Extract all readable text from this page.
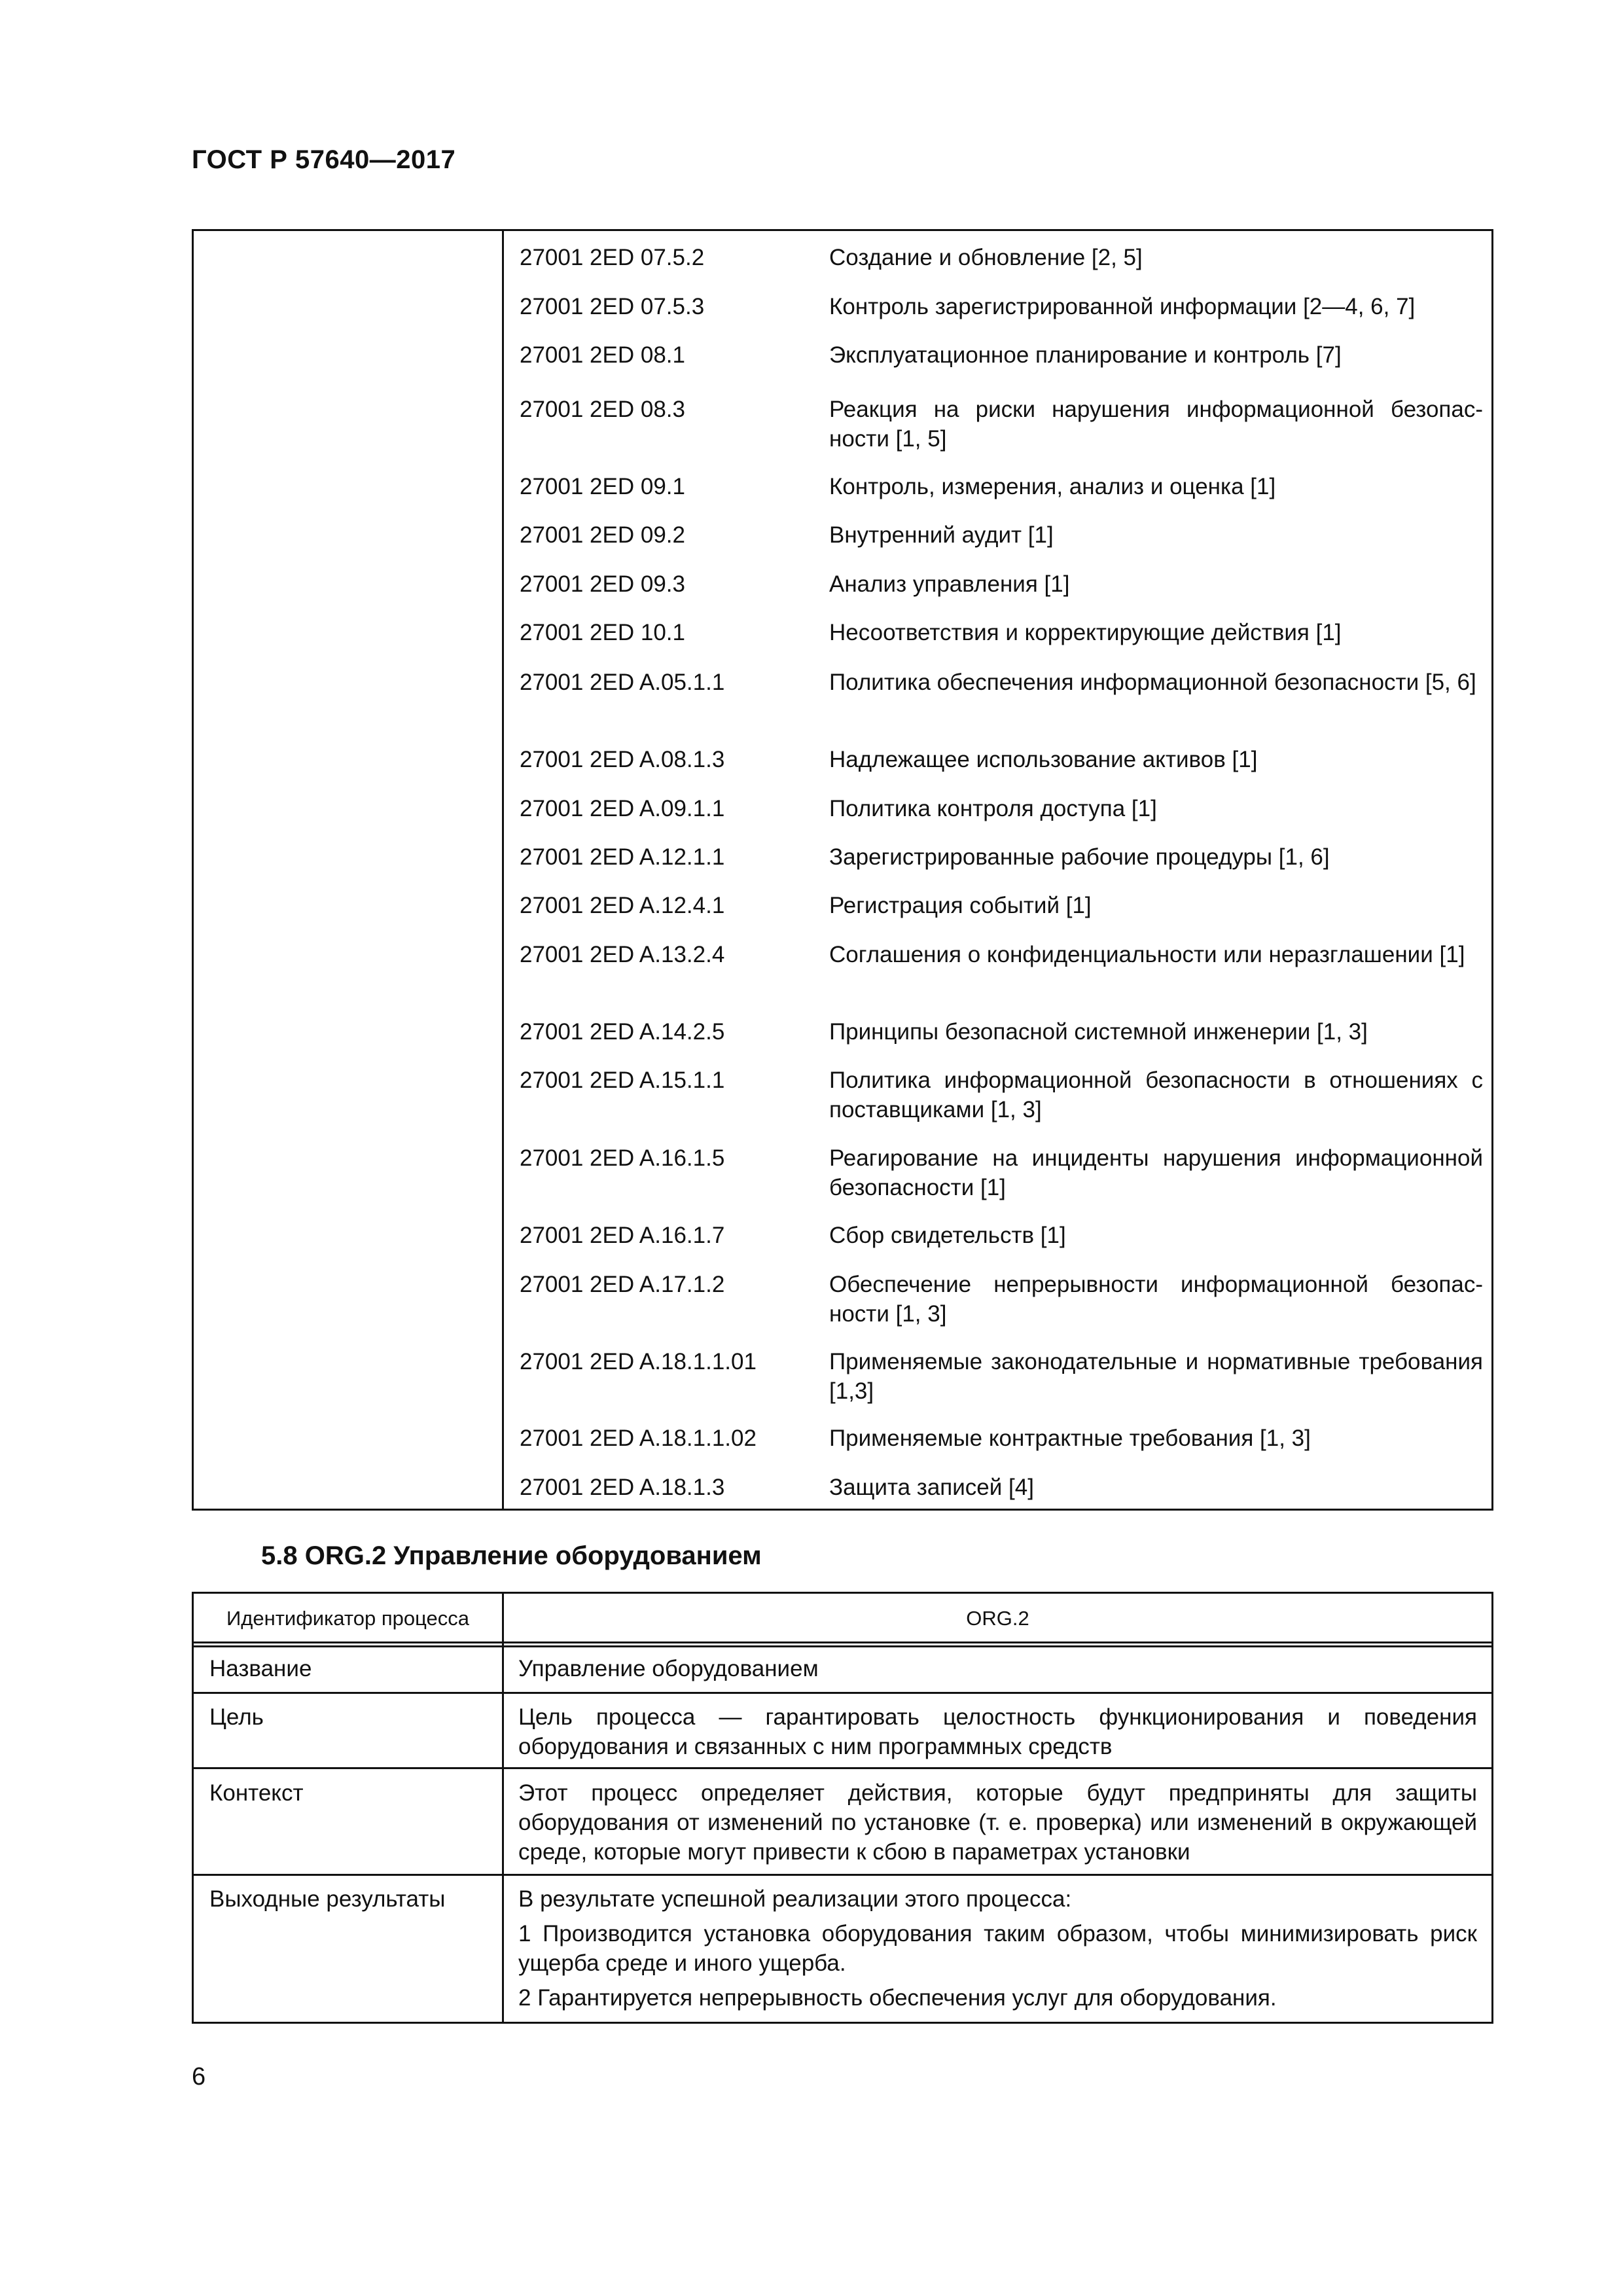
ГОСТ Р 57640—2017
27001 2ED 07.5.2	Создание и обновление [2, 5]
27001 2ED 07.5.3	Контроль зарегистрированной информации [2—4, 6, 7]
27001 2ED 08.1	Эксплуатационное планирование и контроль [7]
27001 2ED 08.3	Реакция на риски нарушения информационной безопасности [1, 5]
27001 2ED 09.1	Контроль, измерения, анализ и оценка [1]
27001 2ED 09.2	Внутренний аудит [1]
27001 2ED 09.3	Анализ управления [1]
27001 2ED 10.1	Несоответствия и корректирующие действия [1]
27001 2ED A.05.1.1	Политика обеспечения информационной безопасности [5, 6]
27001 2ED A.08.1.3	Надлежащее использование активов [1]
27001 2ED A.09.1.1	Политика контроля доступа [1]
27001 2ED A.12.1.1	Зарегистрированные рабочие процедуры [1, 6]
27001 2ED A.12.4.1	Регистрация событий [1]
27001 2ED A.13.2.4	Соглашения о конфиденциальности или неразглашении [1]
27001 2ED A.14.2.5	Принципы безопасной системной инженерии [1, 3]
27001 2ED A.15.1.1	Политика информационной безопасности в отношениях с поставщиками [1, 3]
27001 2ED A.16.1.5	Реагирование на инциденты нарушения информационной безопасности [1]
27001 2ED A.16.1.7	Сбор свидетельств [1]
27001 2ED A.17.1.2	Обеспечение непрерывности информационной безопасности [1, 3]
27001 2ED A.18.1.1.01	Применяемые законодательные и нормативные требования [1,3]
27001 2ED A.18.1.1.02	Применяемые контрактные требования [1, 3]
27001 2ED A.18.1.3	Защита записей [4]
5.8 ORG.2 Управление оборудованием
Идентификатор процесса	ORG.2
Название	Управление оборудованием
Цель	Цель процесса — гарантировать целостность функционирования и поведения оборудования и связанных с ним программных средств
Контекст	Этот процесс определяет действия, которые будут предприняты для защиты оборудования от изменений по установке (т. е. проверка) или изменений в окружающей среде, которые могут привести к сбою в параметрах установки
Выходные результаты	В результате успешной реализации этого процесса:
1 Производится установка оборудования таким образом, чтобы минимизировать риск ущерба среде и иного ущерба.
2 Гарантируется непрерывность обеспечения услуг для оборудования.
6
